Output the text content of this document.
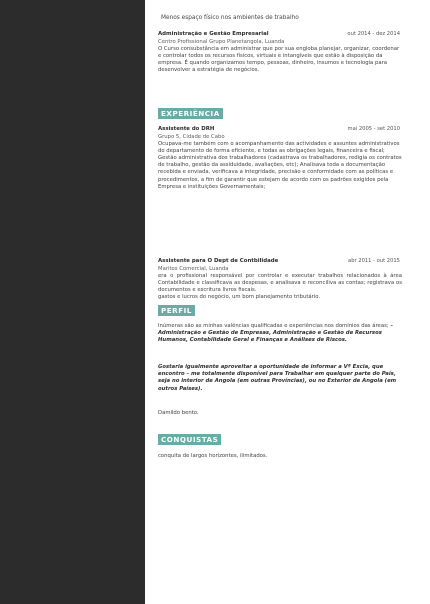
Menos espaço físico nos ambientes de trabalho

Administração e Gestão Empresarial	out 2014 - dez 2014

Centro Profissional Grupo Planetangola, Luanda

O Curso consubstância em administrar que por sua engloba planejar, organizar, coordenar e controlar todos os recursos físicos, virtuais e intangíveis que estão à disposição da empresa. É quando organizamos tempo, pessoas, dinheiro, insumos e tecnologia para desenvolver a estratégia de negócios.

EXPERIÊNCIA
Assistente do DRH	mai 2005 - set 2010

Grupo 5, Cidade de Cabo

Ocupava-me também com o acompanhamento das actividades e assuntes administrativos do departamento de forma eficiente, e todas as obrigações legais, financeira e fiscal; Gestão administrativa dos trabalhadores (cadastrava os trabalhadores, redigia os contratos de trabalho, gestão da assiduidade, avaliações, etc); Analisava toda a documentação recebida e enviada, verificava a integridade, precisão e conformidade com as políticas e procedimentos, a fim de garantir que estejam de acordo com os padrões exigidos pela Empresa e instituições Governamentais;

Assistente para O Dept de Contbilidade	abr 2011 - out 2015

Maritos Comercial, Luanda

era o profissional responsável por controlar e executar trabalhos relacionados à área Contabilidade e classificava as despesas, e analisava e reconciliva as contas; registrava os documentos e escritura livros fiscais.

gastos e lucros do negócio, um bom planejamento tributário.

PERFIL

Inúmeras são as minhas valências qualificadas e experiências nos domínios das áreas; – Administração e Gestão de Empresas, Administração e Gestão de Recursos Humanos, Contabilidade Geral e Finanças e Análises de Riscos.

Gostaria igualmente aproveitar a oportunidade de informar a Vª Excia, que encontro – me totalmente disponível para Trabalhar em qualquer parte do País, seja no interior de Angola (em outras Províncias), ou no Exterior de Angola (em outros Países).

Damildo bento.

CONQUISTAS

conquita de largos horizontes, ilimitados.
